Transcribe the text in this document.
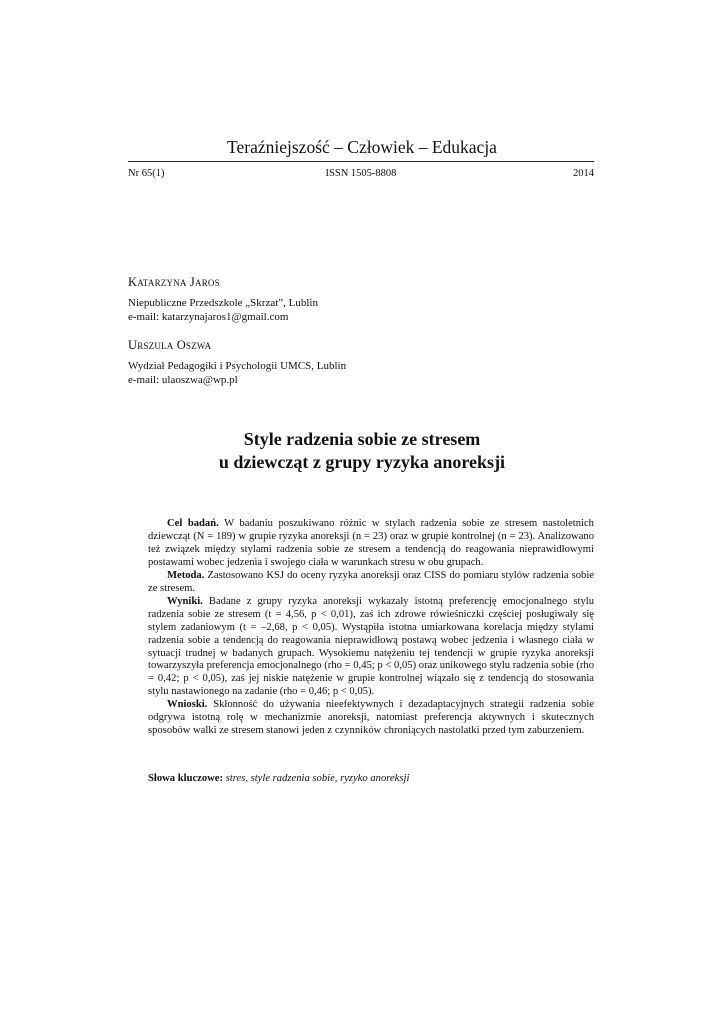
Teraźniejszość – Człowiek – Edukacja
Nr 65(1)	ISSN 1505-8808	2014
Katarzyna Jaros
Niepubliczne Przedszkole „Skrzat”, Lublin
e-mail: katarzynajaros1@gmail.com
Urszula Oszwa
Wydział Pedagogiki i Psychologii UMCS, Lublin
e-mail: ulaoszwa@wp.pl
Style radzenia sobie ze stresem
u dziewcząt z grupy ryzyka anoreksji

Cel badań. W badaniu poszukiwano różnic w stylach radzenia sobie ze stresem nastoletnich dziewcząt (N = 189) w grupie ryzyka anoreksji (n = 23) oraz w grupie kontrolnej (n = 23). Analizowano też związek między stylami radzenia sobie ze stresem a tendencją do reagowania nieprawidłowymi postawami wobec jedzenia i swojego ciała w warunkach stresu w obu grupach.

Metoda. Zastosowano KSJ do oceny ryzyka anoreksji oraz CISS do pomiaru stylów radzenia sobie ze stresem.

Wyniki. Badane z grupy ryzyka anoreksji wykazały istotną preferencję emocjonalnego stylu radzenia sobie ze stresem (t = 4,56, p < 0,01), zaś ich zdrowe rówieśniczki częściej posługiwały się stylem zadaniowym (t = –2,68, p < 0,05). Wystąpiła istotna umiarkowana korelacja między stylami radzenia sobie a tendencją do reagowania nieprawidłową postawą wobec jedzenia i własnego ciała w sytuacji trudnej w badanych grupach. Wysokiemu natężeniu tej tendencji w grupie ryzyka anoreksji towarzyszyła preferencja emocjonalnego (rho = 0,45; p < 0,05) oraz unikowego stylu radzenia sobie (rho = 0,42; p < 0,05), zaś jej niskie natężenie w grupie kontrolnej wiązało się z tendencją do stosowania stylu nastawionego na zadanie (rho = 0,46; p < 0,05).

Wnioski. Skłonność do używania nieefektywnych i dezadaptacyjnych strategii radzenia sobie odgrywa istotną rolę w mechanizmie anoreksji, natomiast preferencja aktywnych i skutecznych sposobów walki ze stresem stanowi jeden z czynników chroniących nastolatki przed tym zaburzeniem.

Słowa kluczowe: stres, style radzenia sobie, ryzyko anoreksji
